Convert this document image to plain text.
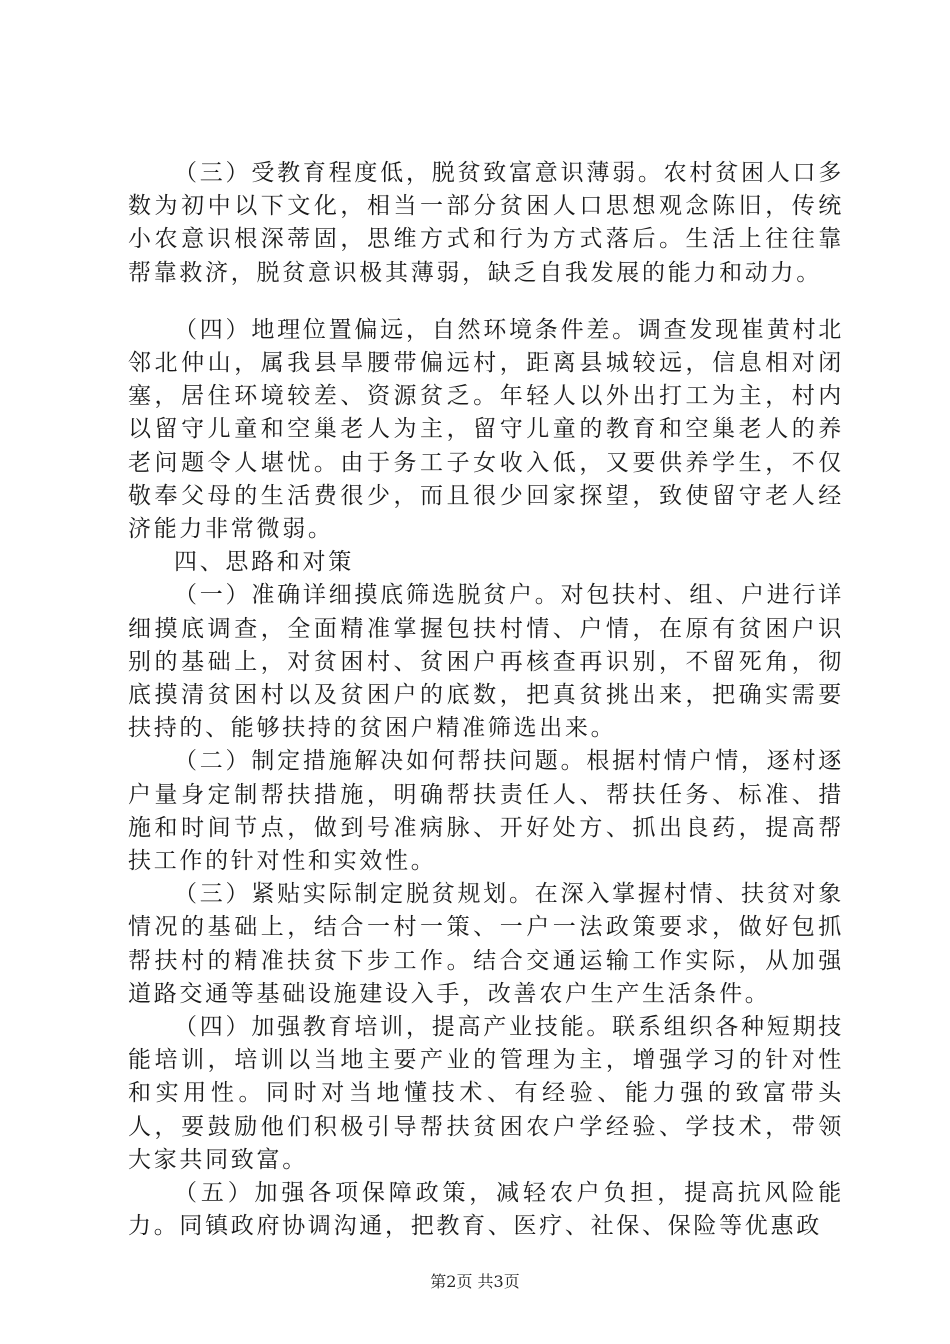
（三）受教育程度低，脱贫致富意识薄弱。农村贫困人口多数为初中以下文化，相当一部分贫困人口思想观念陈旧，传统小农意识根深蒂固，思维方式和行为方式落后。生活上往往靠帮靠救济，脱贫意识极其薄弱，缺乏自我发展的能力和动力。

（四）地理位置偏远，自然环境条件差。调查发现崔黄村北邻北仲山，属我县旱腰带偏远村，距离县城较远，信息相对闭塞，居住环境较差、资源贫乏。年轻人以外出打工为主，村内以留守儿童和空巢老人为主，留守儿童的教育和空巢老人的养老问题令人堪忧。由于务工子女收入低，又要供养学生，不仅敬奉父母的生活费很少，而且很少回家探望，致使留守老人经济能力非常微弱。

四、思路和对策

（一）准确详细摸底筛选脱贫户。对包扶村、组、户进行详细摸底调查，全面精准掌握包扶村情、户情，在原有贫困户识别的基础上，对贫困村、贫困户再核查再识别，不留死角，彻底摸清贫困村以及贫困户的底数，把真贫挑出来，把确实需要扶持的、能够扶持的贫困户精准筛选出来。

（二）制定措施解决如何帮扶问题。根据村情户情，逐村逐户量身定制帮扶措施，明确帮扶责任人、帮扶任务、标准、措施和时间节点，做到号准病脉、开好处方、抓出良药，提高帮扶工作的针对性和实效性。

（三）紧贴实际制定脱贫规划。在深入掌握村情、扶贫对象情况的基础上，结合一村一策、一户一法政策要求，做好包抓帮扶村的精准扶贫下步工作。结合交通运输工作实际，从加强道路交通等基础设施建设入手，改善农户生产生活条件。

（四）加强教育培训，提高产业技能。联系组织各种短期技能培训，培训以当地主要产业的管理为主，增强学习的针对性和实用性。同时对当地懂技术、有经验、能力强的致富带头人，要鼓励他们积极引导帮扶贫困农户学经验、学技术，带领大家共同致富。

（五）加强各项保障政策，减轻农户负担，提高抗风险能力。同镇政府协调沟通，把教育、医疗、社保、保险等优惠政

第2页 共3页
